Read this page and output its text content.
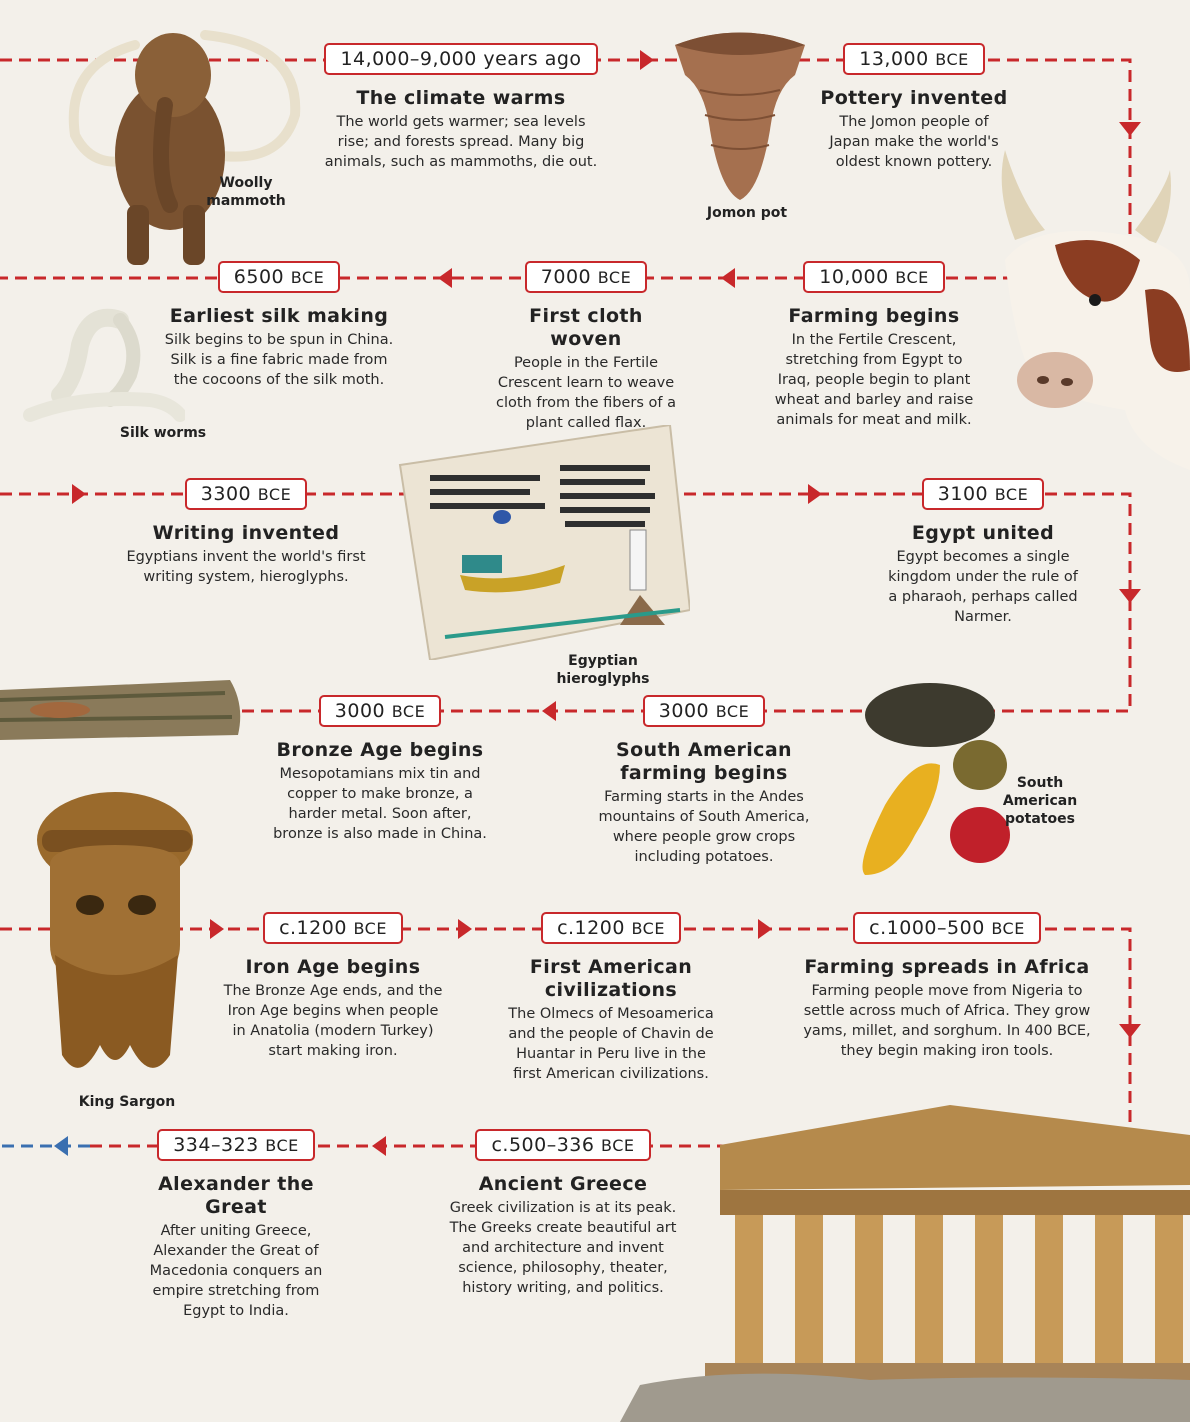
Woolly mammoth
Jomon pot
Silk worms
Egyptian hieroglyphs
South American potatoes
King Sargon
14,000–9,000 years ago
The climate warms
The world gets warmer; sea levels rise; and forests spread. Many big animals, such as mammoths, die out.
13,000 BCE
Pottery invented
The Jomon people of Japan make the world's oldest known pottery.
10,000 BCE
Farming begins
In the Fertile Crescent, stretching from Egypt to Iraq, people begin to plant wheat and barley and raise animals for meat and milk.
7000 BCE
First cloth woven
People in the Fertile Crescent learn to weave cloth from the fibers of a plant called flax.
6500 BCE
Earliest silk making
Silk begins to be spun in China. Silk is a fine fabric made from the cocoons of the silk moth.
3300 BCE
Writing invented
Egyptians invent the world's first writing system, hieroglyphs.
3100 BCE
Egypt united
Egypt becomes a single kingdom under the rule of a pharaoh, perhaps called Narmer.
3000 BCE
South American farming begins
Farming starts in the Andes mountains of South America, where people grow crops including potatoes.
3000 BCE
Bronze Age begins
Mesopotamians mix tin and copper to make bronze, a harder metal. Soon after, bronze is also made in China.
c.1200 BCE
Iron Age begins
The Bronze Age ends, and the Iron Age begins when people in Anatolia (modern Turkey) start making iron.
c.1200 BCE
First American civilizations
The Olmecs of Mesoamerica and the people of Chavin de Huantar in Peru live in the first American civilizations.
c.1000–500 BCE
Farming spreads in Africa
Farming people move from Nigeria to settle across much of Africa. They grow yams, millet, and sorghum. In 400 BCE, they begin making iron tools.
c.500–336 BCE
Ancient Greece
Greek civilization is at its peak. The Greeks create beautiful art and architecture and invent science, philosophy, theater, history writing, and politics.
334–323 BCE
Alexander the Great
After uniting Greece, Alexander the Great of Macedonia conquers an empire stretching from Egypt to India.
